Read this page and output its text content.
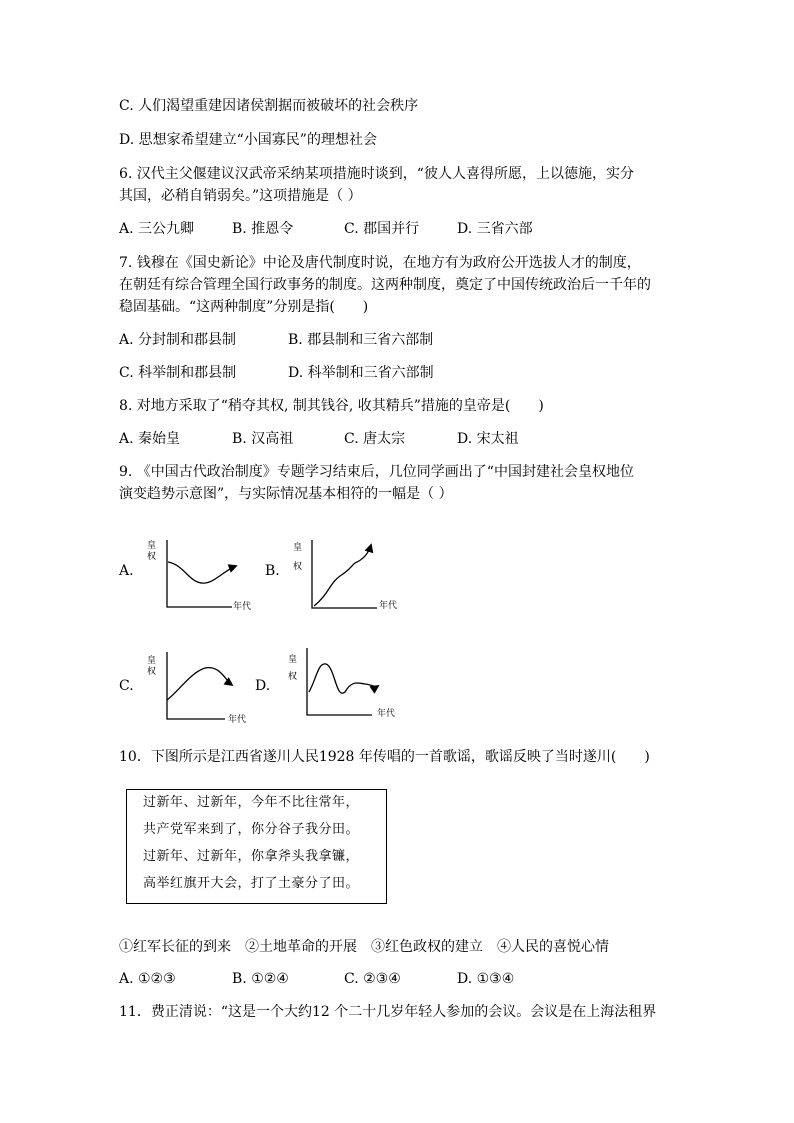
C. 人们渴望重建因诸侯割据而被破坏的社会秩序
D. 思想家希望建立“小国寡民”的理想社会
6. 汉代主父偃建议汉武帝采纳某项措施时谈到，“彼人人喜得所愿，上以德施，实分
其国，必稍自销弱矣。”这项措施是（ ）
A. 三公九卿	B. 推恩令	C. 郡国并行	D. 三省六部
7. 钱穆在《国史新论》中论及唐代制度时说，在地方有为政府公开选拔人才的制度，
在朝廷有综合管理全国行政事务的制度。这两种制度，奠定了中国传统政治后一千年的
稳固基础。“这两种制度”分别是指(　　)
A. 分封制和郡县制	B. 郡县制和三省六部制
C. 科举制和郡县制	D. 科举制和三省六部制
8. 对地方采取了“稍夺其权, 制其钱谷, 收其精兵”措施的皇帝是(　　)
A. 秦始皇	B. 汉高祖	C. 唐太宗	D. 宋太祖
9. 《中国古代政治制度》专题学习结束后，几位同学画出了“中国封建社会皇权地位
演变趋势示意图”，与实际情况基本相符的一幅是（ ）
A.	B.
C.	D.
皇
权
年代
皇
权
年代
皇
权
年代
皇
权
年代
10．下图所示是江西省遂川人民1928 年传唱的一首歌谣，歌谣反映了当时遂川(　　)
过新年、过新年，今年不比往常年，
共产党军来到了，你分谷子我分田。
过新年、过新年，你拿斧头我拿镰，
高举红旗开大会，打了土豪分了田。
①红军长征的到来　②土地革命的开展　③红色政权的建立　④人民的喜悦心情
A. ①②③	B. ①②④	C. ②③④	D. ①③④
11．费正清说：“这是一个大约12 个二十几岁年轻人参加的会议。会议是在上海法租界
